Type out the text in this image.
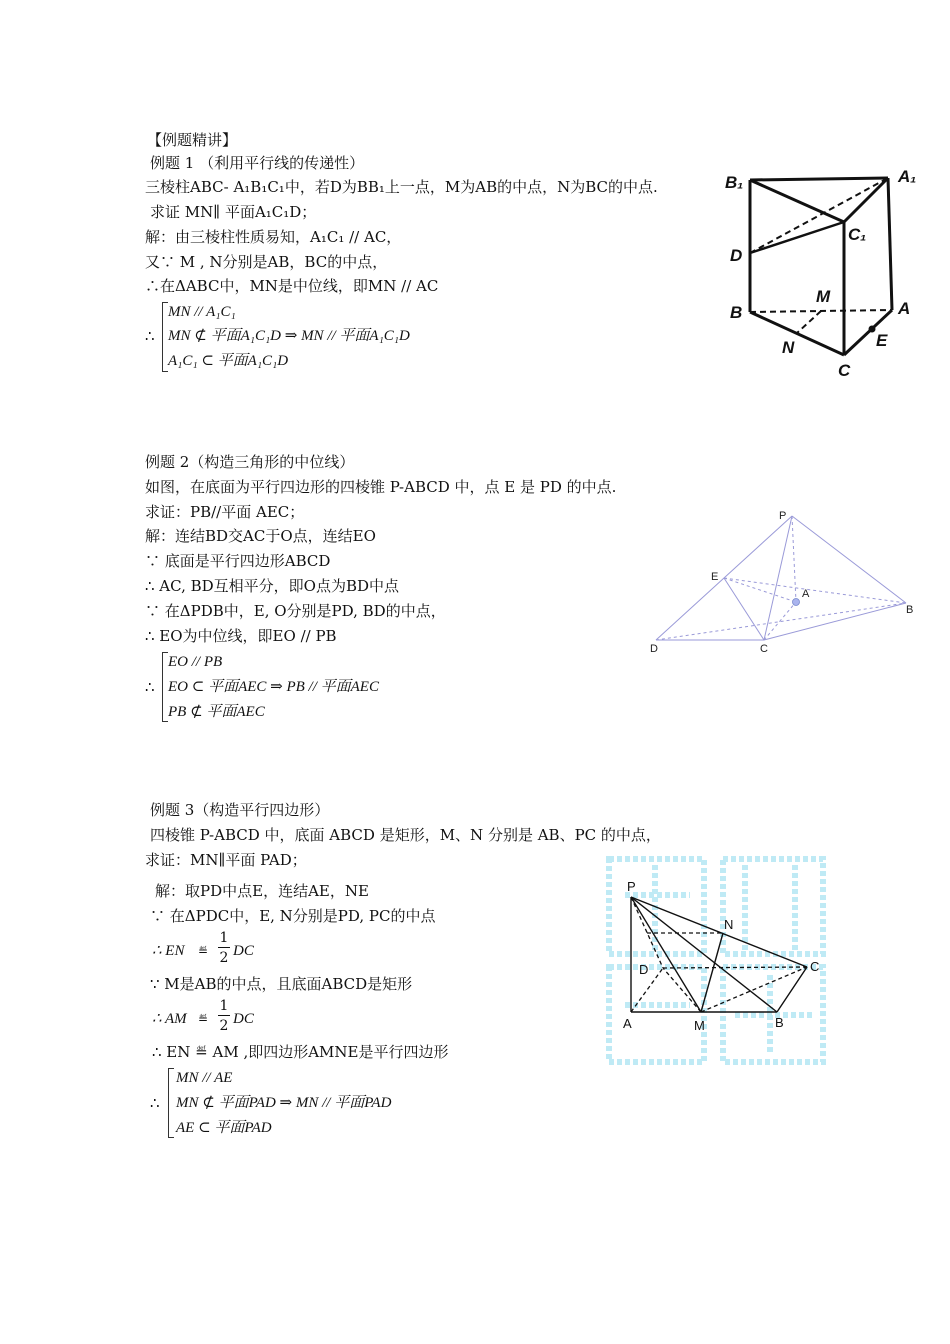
【例题精讲】
例题 1 （利用平行线的传递性）
三棱柱ABC- A₁B₁C₁中，若D为BB₁上一点，M为AB的中点，N为BC的中点.
求证 MN∥ 平面A₁C₁D；
解：由三棱柱性质易知，A₁C₁ // AC，
又∵ M , N分别是AB，BC的中点，
∴在ΔABC中，MN是中位线，即MN // AC
∴
MN // A₁C₁
MN ⊄ 平面A₁C₁D ⇒ MN // 平面A₁C₁D
A₁C₁ ⊂ 平面A₁C₁D
B₁	A₁
C₁
D
M
B	A
N	E
C
例题 2（构造三角形的中位线）
如图，在底面为平行四边形的四棱锥 P-ABCD 中，点 E 是 PD 的中点.
求证：PB//平面 AEC；
解：连结BD交AC于O点，连结EO
∵ 底面是平行四边形ABCD
∴ AC, BD互相平分，即O点为BD中点
∵ 在ΔPDB中，E, O分别是PD, BD的中点，
∴ EO为中位线，即EO // PB
∴
EO // PB
EO ⊂ 平面AEC ⇒ PB // 平面AEC
PB ⊄ 平面AEC
P
E
A
B
D	C
例题 3（构造平行四边形）
四棱锥 P-ABCD 中，底面 ABCD 是矩形，M、N 分别是 AB、PC 的中点，
求证：MN∥平面 PAD；
解：取PD中点E，连结AE，NE
∵ 在ΔPDC中，E, N分别是PD, PC的中点
∴ EN ≝
1
2 DC
∵ M是AB的中点，且底面ABCD是矩形
∴ AM ≝
1
2 DC
∴ EN ≝ AM ,即四边形AMNE是平行四边形
∴
MN // AE
MN ⊄ 平面PAD ⇒ MN // 平面PAD
AE ⊂ 平面PAD
P
N
D	C
A	M	B
